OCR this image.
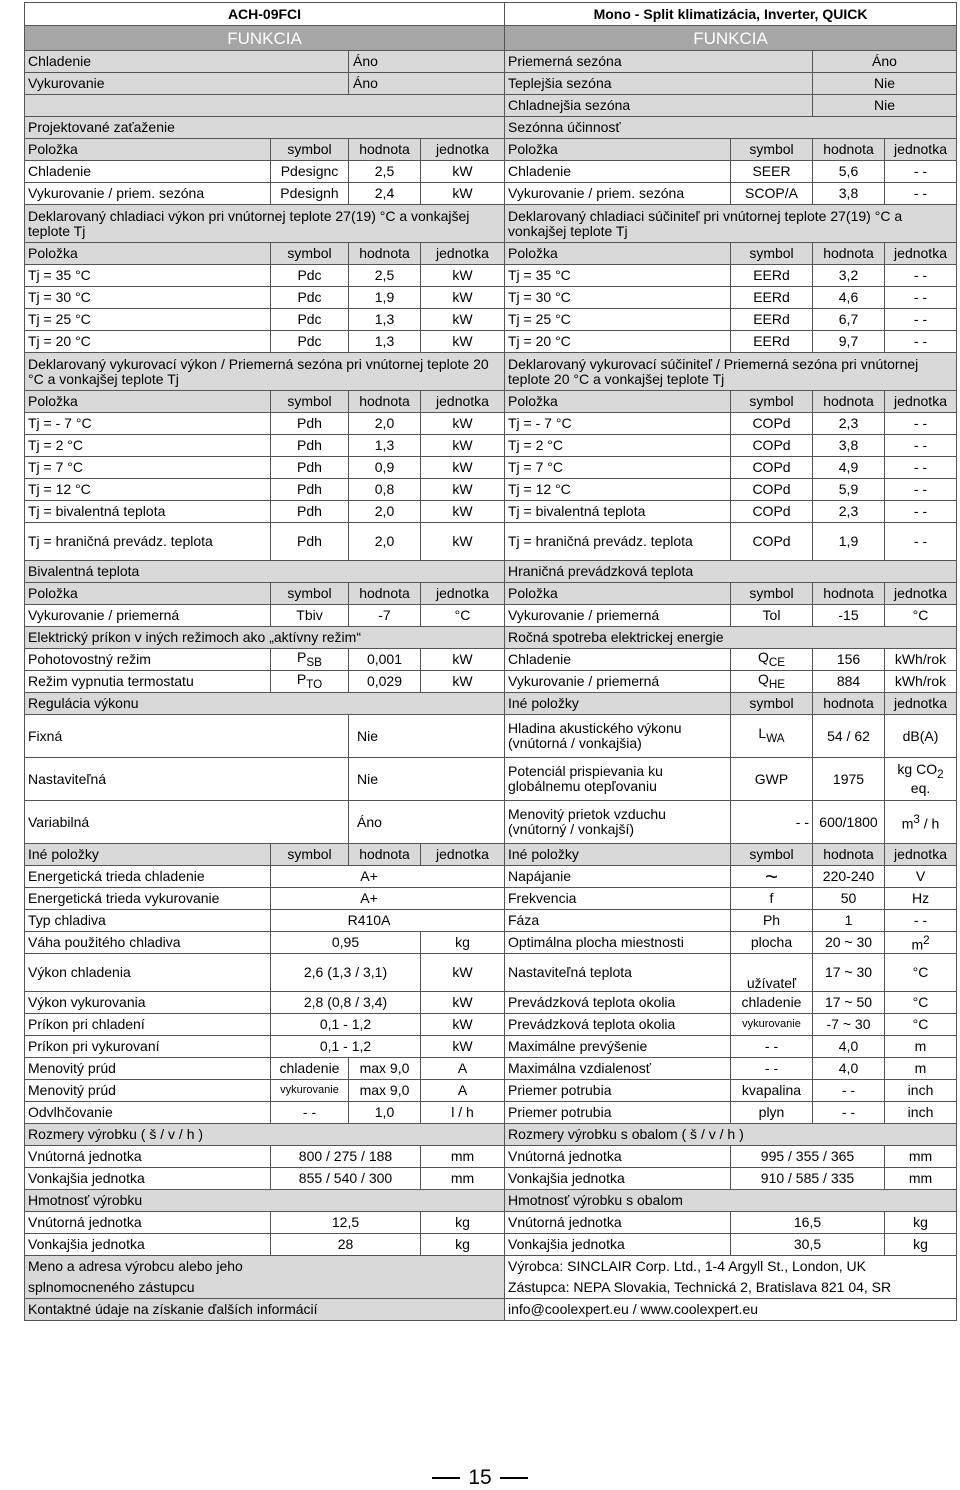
ACH-09FCI				Mono - Split klimatizácia, Inverter, QUICK			
FUNKCIA				FUNKCIA			
Chladenie		Áno		Priemerná sezóna		Áno	
Vykurovanie		Áno		Teplejšia sezóna		Nie	
				Chladnejšia sezóna		Nie	
Projektované zaťaženie				Sezónna účinnosť			
Položka	symbol	hodnota	jednotka	Položka	symbol	hodnota	jednotka
Chladenie	Pdesignc	2,5	kW	Chladenie	SEER	5,6	- -
Vykurovanie / priem. sezóna	Pdesignh	2,4	kW	Vykurovanie / priem. sezóna	SCOP/A	3,8	- -
Deklarovaný chladiaci výkon pri vnútornej teplote 27(19) °C a vonkajšej teplote Tj				Deklarovaný chladiaci súčiniteľ pri vnútornej teplote 27(19) °C a vonkajšej teplote Tj			
Položka	symbol	hodnota	jednotka	Položka	symbol	hodnota	jednotka
Tj = 35 °C	Pdc	2,5	kW	Tj = 35 °C	EERd	3,2	- -
Tj = 30 °C	Pdc	1,9	kW	Tj = 30 °C	EERd	4,6	- -
Tj = 25 °C	Pdc	1,3	kW	Tj = 25 °C	EERd	6,7	- -
Tj = 20 °C	Pdc	1,3	kW	Tj = 20 °C	EERd	9,7	- -
Deklarovaný vykurovací výkon / Priemerná sezóna pri vnútornej teplote 20 °C a vonkajšej teplote Tj				Deklarovaný vykurovací súčiniteľ / Priemerná sezóna pri vnútornej teplote 20 °C a vonkajšej teplote Tj			
Položka	symbol	hodnota	jednotka	Položka	symbol	hodnota	jednotka
Tj = - 7 °C	Pdh	2,0	kW	Tj = - 7 °C	COPd	2,3	- -
Tj = 2 °C	Pdh	1,3	kW	Tj = 2 °C	COPd	3,8	- -
Tj = 7 °C	Pdh	0,9	kW	Tj = 7 °C	COPd	4,9	- -
Tj = 12 °C	Pdh	0,8	kW	Tj = 12 °C	COPd	5,9	- -
Tj = bivalentná teplota	Pdh	2,0	kW	Tj = bivalentná teplota	COPd	2,3	- -
Tj = hraničná prevádz. teplota	Pdh	2,0	kW	Tj = hraničná prevádz. teplota	COPd	1,9	- -
Bivalentná teplota				Hraničná prevádzková teplota			
Položka	symbol	hodnota	jednotka	Položka	symbol	hodnota	jednotka
Vykurovanie / priemerná	Tbiv	-7	°C	Vykurovanie / priemerná	Tol	-15	°C
Elektrický príkon v iných režimoch ako „aktívny režim“				Ročná spotreba elektrickej energie			
Pohotovostný režim	$P_{SB}$	0,001	kW	Chladenie	$Q_{CE}$	156	kWh/rok
Režim vypnutia termostatu	$P_{TO}$	0,029	kW	Vykurovanie / priemerná	$Q_{HE}$	884	kWh/rok
Regulácia výkonu				Iné položky	symbol	hodnota	jednotka
Fixná		Nie		Hladina akustického výkonu (vnútorná / vonkajšia)	$L_{WA}$	54 / 62	dB(A)
Nastaviteľná		Nie		Potenciál prispievania ku globálnemu otepľovaniu	GWP	1975	kg $CO_2$
eq.
Variabilná		Áno		Menovitý prietok vzduchu (vnútorný / vonkajší)	- -	600/1800	$m^3$ / h
Iné položky	symbol	hodnota	jednotka	Iné položky	symbol	hodnota	jednotka
Energetická trieda chladenie	A+			Napájanie	~	220-240	V
Energetická trieda vykurovanie	A+			Frekvencia	f	50	Hz
Typ chladiva	R410A			Fáza	Ph	1	- -
Váha použitého chladiva	0,95		kg	Optimálna plocha miestnosti	plocha	20 ~ 30	$m^2$
Výkon chladenia	2,6 (1,3 / 3,1)		kW	Nastaviteľná teplota	užívateľ	17 ~ 30	°C
Výkon vykurovania	2,8 (0,8 / 3,4)		kW	Prevádzková teplota okolia	chladenie	17 ~ 50	°C
Príkon pri chladení	0,1 - 1,2		kW	Prevádzková teplota okolia	vykurovanie	-7 ~ 30	°C
Príkon pri vykurovaní	0,1 - 1,2		kW	Maximálne prevýšenie	- -	4,0	m
Menovitý prúd	chladenie	max 9,0	A	Maximálna vzdialenosť	- -	4,0	m
Menovitý prúd	vykurovanie	max 9,0	A	Priemer potrubia	kvapalina	- -	inch
Odvlhčovanie	- -	1,0	l / h	Priemer potrubia	plyn	- -	inch
Rozmery výrobku ( š / v / h )				Rozmery výrobku s obalom ( š / v / h )			
Vnútorná jednotka	800 / 275 / 188		mm	Vnútorná jednotka	995 / 355 / 365		mm
Vonkajšia jednotka	855 / 540 / 300		mm	Vonkajšia jednotka	910 / 585 / 335		mm
Hmotnosť výrobku				Hmotnosť výrobku s obalom			
Vnútorná jednotka	12,5		kg	Vnútorná jednotka	16,5		kg
Vonkajšia jednotka	28		kg	Vonkajšia jednotka	30,5		kg
Meno a adresa výrobcu alebo jeho				Výrobca: SINCLAIR Corp. Ltd., 1-4 Argyll St., London, UK			
splnomocneného zástupcu				Zástupca: NEPA Slovakia, Technická 2, Bratislava 821 04, SR			
Kontaktné údaje na získanie ďalších informácií				info@coolexpert.eu / www.coolexpert.eu			
15
